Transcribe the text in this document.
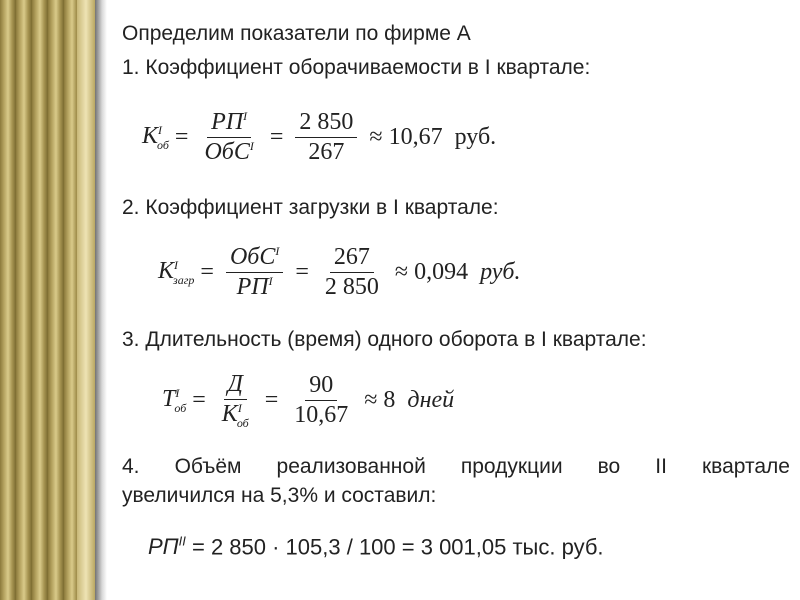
Определим показатели по фирме А
1. Коэффициент оборачиваемости в I квартале:
$K^I_{об} = \frac{РП^I}{ОбС^I} = \frac{2 850}{267} \approx 10,67$ руб.
2. Коэффициент загрузки в I квартале:
$K^I_{загр} = \frac{ОбС^I}{РП^I} = \frac{267}{2 850} \approx 0,094$ руб.
3. Длительность (время) одного оборота в I квартале:
$T^I_{об} = \frac{Д}{K^I_{об}} = \frac{90}{10,67} \approx 8$ дней
4. Объём реализованной продукции во II квартале
увеличился на 5,3% и составил:
$РП^{II} = 2$ 850 · 105,3 / 100 = 3 001,05 тыс. руб.
